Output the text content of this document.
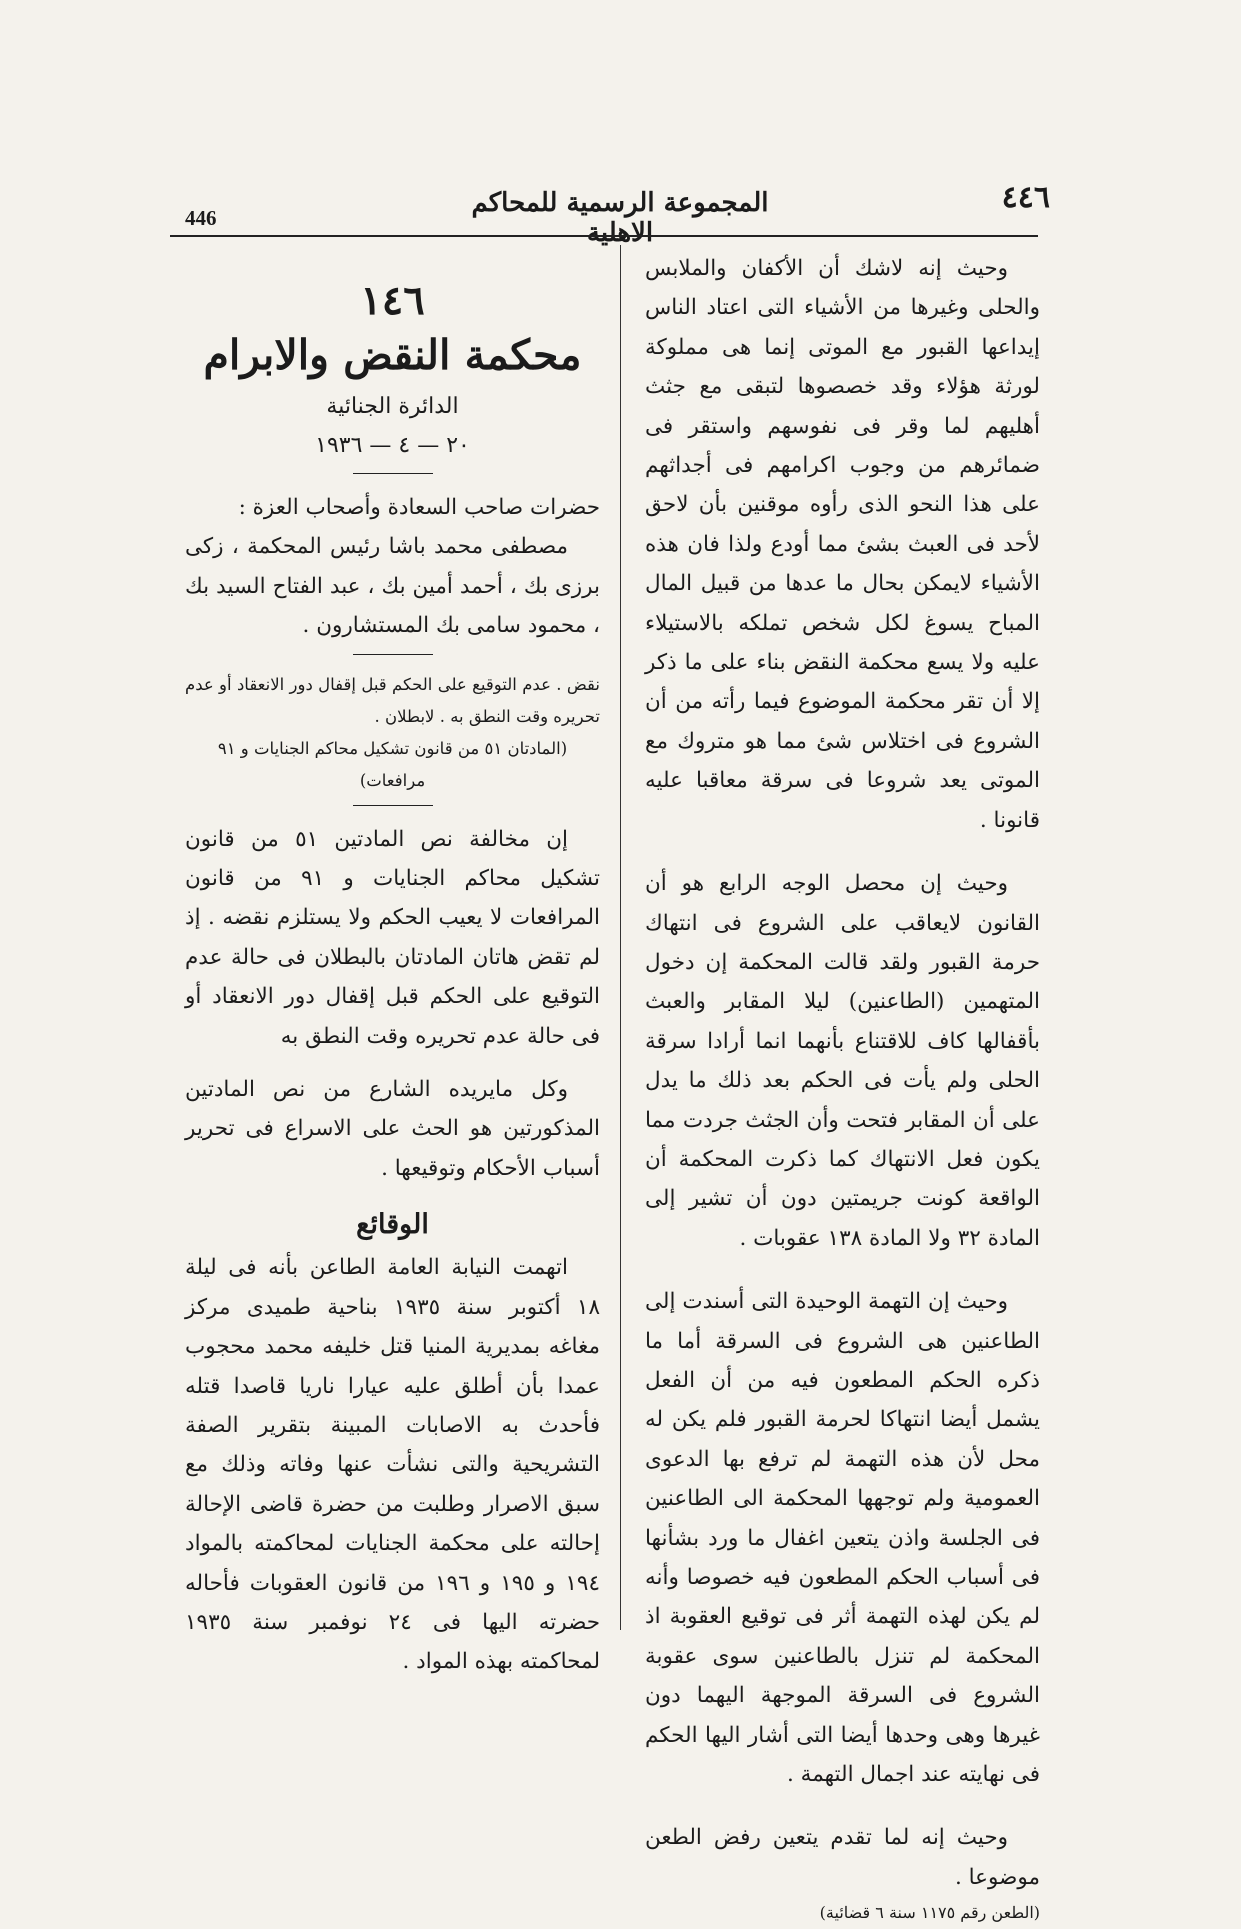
446	المجموعة الرسمية للمحاكم الاهلية
٤٤٦

وحيث إنه لاشك أن الأكفان والملابس والحلى وغيرها من الأشياء التى اعتاد الناس إيداعها القبور مع الموتى إنما هى مملوكة لورثة هؤلاء وقد خصصوها لتبقى مع جثث أهليهم لما وقر فى نفوسهم واستقر فى ضمائرهم من وجوب اكرامهم فى أجداثهم على هذا النحو الذى رأوه موقنين بأن لاحق لأحد فى العبث بشئ مما أودع ولذا فان هذه الأشياء لايمكن بحال ما عدها من قبيل المال المباح يسوغ لكل شخص تملكه بالاستيلاء عليه ولا يسع محكمة النقض بناء على ما ذكر إلا أن تقر محكمة الموضوع فيما رأته من أن الشروع فى اختلاس شئ مما هو متروك مع الموتى يعد شروعا فى سرقة معاقبا عليه قانونا .

وحيث إن محصل الوجه الرابع هو أن القانون لايعاقب على الشروع فى انتهاك حرمة القبور ولقد قالت المحكمة إن دخول المتهمين (الطاعنين) ليلا المقابر والعبث بأقفالها كاف للاقتناع بأنهما انما أرادا سرقة الحلى ولم يأت فى الحكم بعد ذلك ما يدل على أن المقابر فتحت وأن الجثث جردت مما يكون فعل الانتهاك كما ذكرت المحكمة أن الواقعة كونت جريمتين دون أن تشير إلى المادة ٣٢ ولا المادة ١٣٨ عقوبات .

وحيث إن التهمة الوحيدة التى أسندت إلى الطاعنين هى الشروع فى السرقة أما ما ذكره الحكم المطعون فيه من أن الفعل يشمل أيضا انتهاكا لحرمة القبور فلم يكن له محل لأن هذه التهمة لم ترفع بها الدعوى العمومية ولم توجهها المحكمة الى الطاعنين فى الجلسة واذن يتعين اغفال ما ورد بشأنها فى أسباب الحكم المطعون فيه خصوصا وأنه لم يكن لهذه التهمة أثر فى توقيع العقوبة اذ المحكمة لم تنزل بالطاعنين سوى عقوبة الشروع فى السرقة الموجهة اليهما دون غيرها وهى وحدها أيضا التى أشار اليها الحكم فى نهايته عند اجمال التهمة .

وحيث إنه لما تقدم يتعين رفض الطعن موضوعا .

(الطعن رقم ١١٧٥ سنة ٦ قضائية)

١٤٦
محكمة النقض والابرام
الدائرة الجنائية
٢٠ — ٤ — ١٩٣٦

حضرات صاحب السعادة وأصحاب العزة :

مصطفى محمد باشا رئيس المحكمة ، زكى برزى بك ، أحمد أمين بك ، عبد الفتاح السيد بك ، محمود سامى بك المستشارون .

نقض . عدم التوقيع على الحكم قبل إقفال دور الانعقاد أو عدم تحريره وقت النطق به . لابطلان .

(المادتان ٥١ من قانون تشكيل محاكم الجنايات و ٩١ مرافعات)

إن مخالفة نص المادتين ٥١ من قانون تشكيل محاكم الجنايات و ٩١ من قانون المرافعات لا يعيب الحكم ولا يستلزم نقضه . إذ لم تقض هاتان المادتان بالبطلان فى حالة عدم التوقيع على الحكم قبل إقفال دور الانعقاد أو فى حالة عدم تحريره وقت النطق به

وكل مايريده الشارع من نص المادتين المذكورتين هو الحث على الاسراع فى تحرير أسباب الأحكام وتوقيعها .

الوقائع

اتهمت النيابة العامة الطاعن بأنه فى ليلة ١٨ أكتوبر سنة ١٩٣٥ بناحية طميدى مركز مغاغه بمديرية المنيا قتل خليفه محمد محجوب عمدا بأن أطلق عليه عيارا ناريا قاصدا قتله فأحدث به الاصابات المبينة بتقرير الصفة التشريحية والتى نشأت عنها وفاته وذلك مع سبق الاصرار وطلبت من حضرة قاضى الإحالة إحالته على محكمة الجنايات لمحاكمته بالمواد ١٩٤ و ١٩٥ و ١٩٦ من قانون العقوبات فأحاله حضرته اليها فى ٢٤ نوفمبر سنة ١٩٣٥ لمحاكمته بهذه المواد .
